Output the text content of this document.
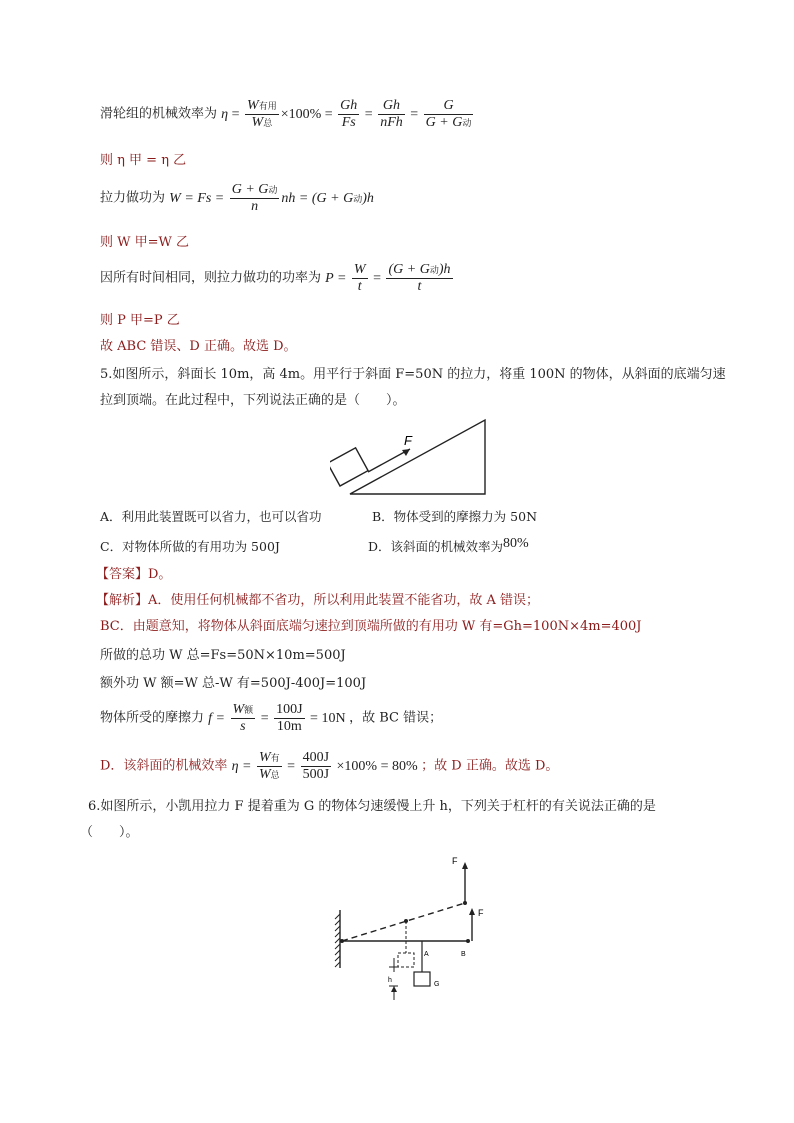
滑轮组的机械效率为 $\eta = \frac{\text{W有用}}{\text{W总}} \times 100\% = \frac{Gh}{Fs} = \frac{Gh}{\text{nFh}} = \frac{G}{\text{G + G动}}$
则 η 甲 = η 乙
拉力做功为 $W = Fs = \frac{\text{G + G动}}{n}$ nh = (G + G动)h
则 W 甲=W 乙
因所有时间相同，则拉力做功的功率为 $P = \frac{W}{t} = \frac{\text{(G + G动)h}}{t}$
则 P 甲=P 乙
故 ABC 错误、D 正确。故选 D。
5.如图所示，斜面长 10m，高 4m。用平行于斜面 F=50N 的拉力，将重 100N 的物体，从斜面的底端匀速
拉到顶端。在此过程中，下列说法正确的是（　　）。
F
A．利用此装置既可以省力，也可以省功	B．物体受到的摩擦力为 50N
C．对物体所做的有用功为 500J	D．该斜面的机械效率为80%
【答案】D。
【解析】A．使用任何机械都不省功，所以利用此装置不能省功，故 A 错误；
BC．由题意知，将物体从斜面底端匀速拉到顶端所做的有用功 W 有=Gh=100N×4m=400J
所做的总功 W 总=Fs=50N×10m=500J
额外功 W 额=W 总-W 有=500J-400J=100J
物体所受的摩擦力 $f = \frac{\text{W额}}{s} = \frac{100J}{10m} = 10N$ ，故 BC 错误；
D．该斜面的机械效率 $\eta = \frac{\text{W有}}{\text{W总}} = \frac{400J}{500J} \times 100\% = 80\%$ ；故 D 正确。故选 D。
6.如图所示，小凯用拉力 F 提着重为 G 的物体匀速缓慢上升 h，下列关于杠杆的有关说法正确的是
（　　）。
F
F
A	B
G
h
